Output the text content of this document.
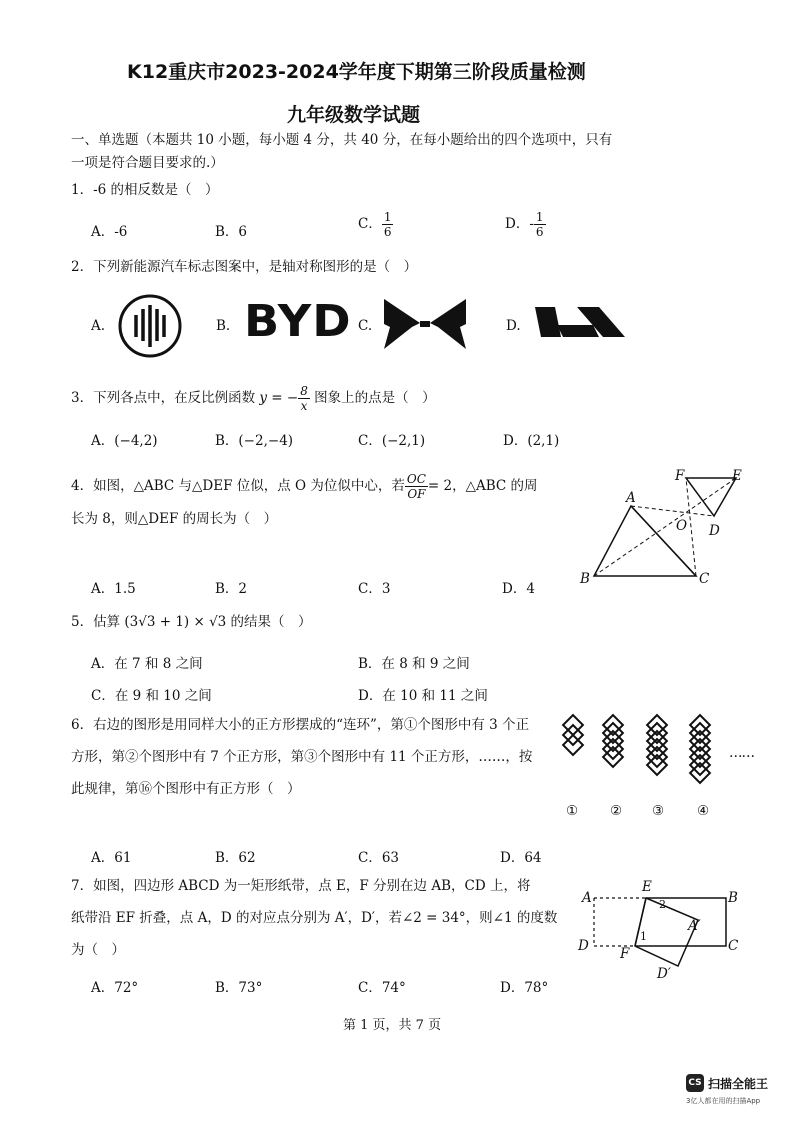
K12重庆市2023-2024学年度下期第三阶段质量检测
九年级数学试题
一、单选题（本题共 10 小题，每小题 4 分，共 40 分，在每小题给出的四个选项中，只有
一项是符合题目要求的.）
1．-6 的相反数是（　）
A．-6	B．6	C． $\frac{1}{6}$	D．- $\frac{1}{6}$
2．下列新能源汽车标志图案中，是轴对称图形的是（　）
A.	B. BYD C.	D.
3．下列各点中，在反比例函数 y = − $\frac{8}{x}$ 图象上的点是（　）
A．(−4,2)	B．(−2,−4)	C．(−2,1)	D．(2,1)
4．如图，△ABC 与△DEF 位似，点 O 为位似中心，若 $\frac{OC}{OF} = 2$，△ABC 的周
长为 8，则△DEF 的周长为（　）
A
B	C
D
E
F
O
A．1.5	B．2	C．3	D．4
5．估算 (3√3 + 1) × √3 的结果（　）
A．在 7 和 8 之间	B．在 8 和 9 之间
C．在 9 和 10 之间	D．在 10 和 11 之间
6．右边的图形是用同样大小的正方形摆成的“连环”，第①个图形中有 3 个正
方形，第②个图形中有 7 个正方形，第③个图形中有 11 个正方形，……，按
此规律，第⑯个图形中有正方形（　）
……
① ② ③ ④
A．61	B．62	C．63	D．64
7．如图，四边形 ABCD 为一矩形纸带，点 E，F 分别在边 AB，CD 上，将
纸带沿 EF 折叠，点 A，D 的对应点分别为 A′，D′，若∠2 = 34°，则∠1 的度数
为（　）
A	B
C
D
E
F
A′
D′
1
2
A．72°	B．73°	C．74°	D．78°
第 1 页，共 7 页
CS 扫描全能王
3亿人都在用的扫描App
